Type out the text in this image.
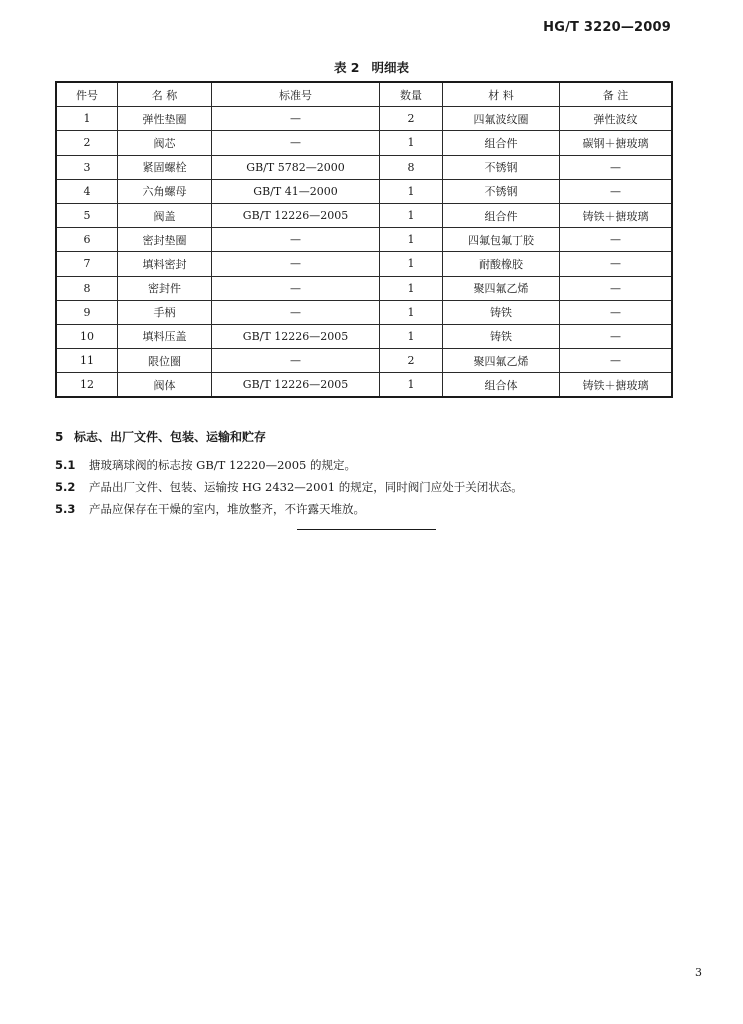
HG/T 3220—2009
表 2 明细表
件号	名 称	标准号	数量	材 料	备 注
1	弹性垫圈	—	2	四氟波纹圈	弹性波纹
2	阀芯	—	1	组合件	碳钢＋搪玻璃
3	紧固螺栓	GB/T 5782—2000	8	不锈钢	—
4	六角螺母	GB/T 41—2000	1	不锈钢	—
5	阀盖	GB/T 12226—2005	1	组合件	铸铁＋搪玻璃
6	密封垫圈	—	1	四氟包氟丁胶	—
7	填料密封	—	1	耐酸橡胶	—
8	密封件	—	1	聚四氟乙烯	—
9	手柄	—	1	铸铁	—
10	填料压盖	GB/T 12226—2005	1	铸铁	—
11	限位圈	—	2	聚四氟乙烯	—
12	阀体	GB/T 12226—2005	1	组合体	铸铁＋搪玻璃
5 标志、出厂文件、包装、运输和贮存
5.1 搪玻璃球阀的标志按 GB/T 12220—2005 的规定。
5.2 产品出厂文件、包装、运输按 HG 2432—2001 的规定，同时阀门应处于关闭状态。
5.3 产品应保存在干燥的室内，堆放整齐，不许露天堆放。
3
